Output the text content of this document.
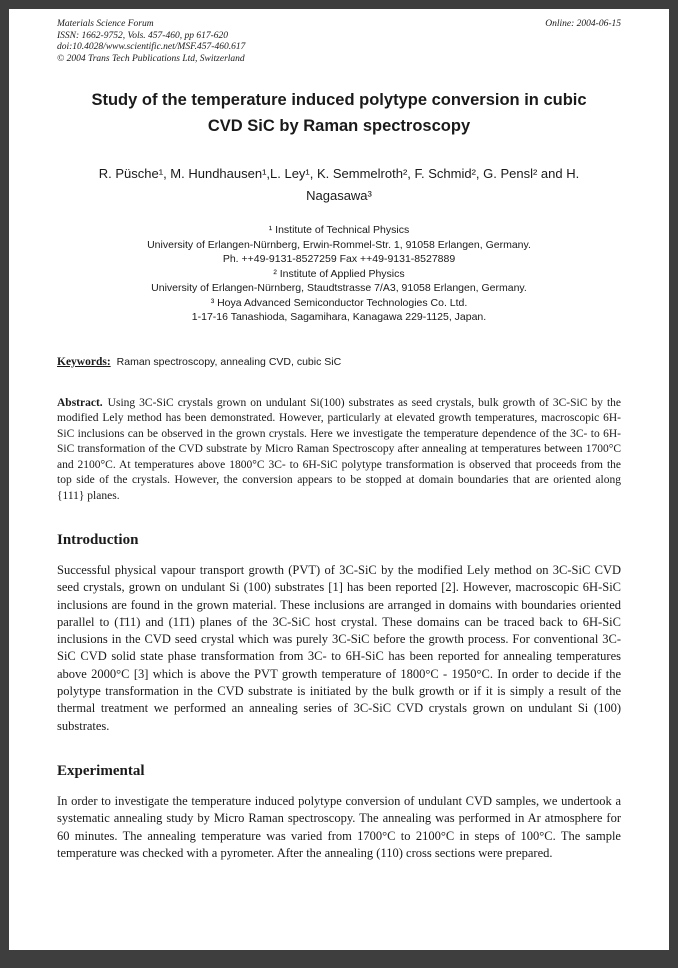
Materials Science Forum
ISSN: 1662-9752, Vols. 457-460, pp 617-620
doi:10.4028/www.scientific.net/MSF.457-460.617
© 2004 Trans Tech Publications Ltd, Switzerland
Online: 2004-06-15
Study of the temperature induced polytype conversion in cubic CVD SiC by Raman spectroscopy
R. Püsche¹, M. Hundhausen¹,L. Ley¹, K. Semmelroth², F. Schmid², G. Pensl² and H. Nagasawa³
¹ Institute of Technical Physics
University of Erlangen-Nürnberg, Erwin-Rommel-Str. 1, 91058 Erlangen, Germany.
Ph. ++49-9131-8527259 Fax ++49-9131-8527889
² Institute of Applied Physics
University of Erlangen-Nürnberg, Staudtstrasse 7/A3, 91058 Erlangen, Germany.
³ Hoya Advanced Semiconductor Technologies Co. Ltd.
1-17-16 Tanashioda, Sagamihara, Kanagawa 229-1125, Japan.
Keywords: Raman spectroscopy, annealing CVD, cubic SiC

Abstract. Using 3C-SiC crystals grown on undulant Si(100) substrates as seed crystals, bulk growth of 3C-SiC by the modified Lely method has been demonstrated. However, particularly at elevated growth temperatures, macroscopic 6H-SiC inclusions can be observed in the grown crystals. Here we investigate the temperature dependence of the 3C- to 6H-SiC transformation of the CVD substrate by Micro Raman Spectroscopy after annealing at temperatures between 1700°C and 2100°C. At temperatures above 1800°C 3C- to 6H-SiC polytype transformation is observed that proceeds from the top side of the crystals. However, the conversion appears to be stopped at domain boundaries that are oriented along {111} planes.

Introduction

Successful physical vapour transport growth (PVT) of 3C-SiC by the modified Lely method on 3C-SiC CVD seed crystals, grown on undulant Si (100) substrates [1] has been reported [2]. However, macroscopic 6H-SiC inclusions are found in the grown material. These inclusions are arranged in domains with boundaries oriented parallel to (1̄11) and (11̄1) planes of the 3C-SiC host crystal. These domains can be traced back to 6H-SiC inclusions in the CVD seed crystal which was purely 3C-SiC before the growth process. For conventional 3C-SiC CVD solid state phase transformation from 3C- to 6H-SiC has been reported for annealing temperatures above 2000°C [3] which is above the PVT growth temperature of 1800°C - 1950°C. In order to decide if the polytype transformation in the CVD substrate is initiated by the bulk growth or if it is simply a result of the thermal treatment we performed an annealing series of 3C-SiC CVD crystals grown on undulant Si (100) substrates.

Experimental

In order to investigate the temperature induced polytype conversion of undulant CVD samples, we undertook a systematic annealing study by Micro Raman spectroscopy. The annealing was performed in Ar atmosphere for 60 minutes. The annealing temperature was varied from 1700°C to 2100°C in steps of 100°C. The sample temperature was checked with a pyrometer. After the annealing (110) cross sections were prepared.
